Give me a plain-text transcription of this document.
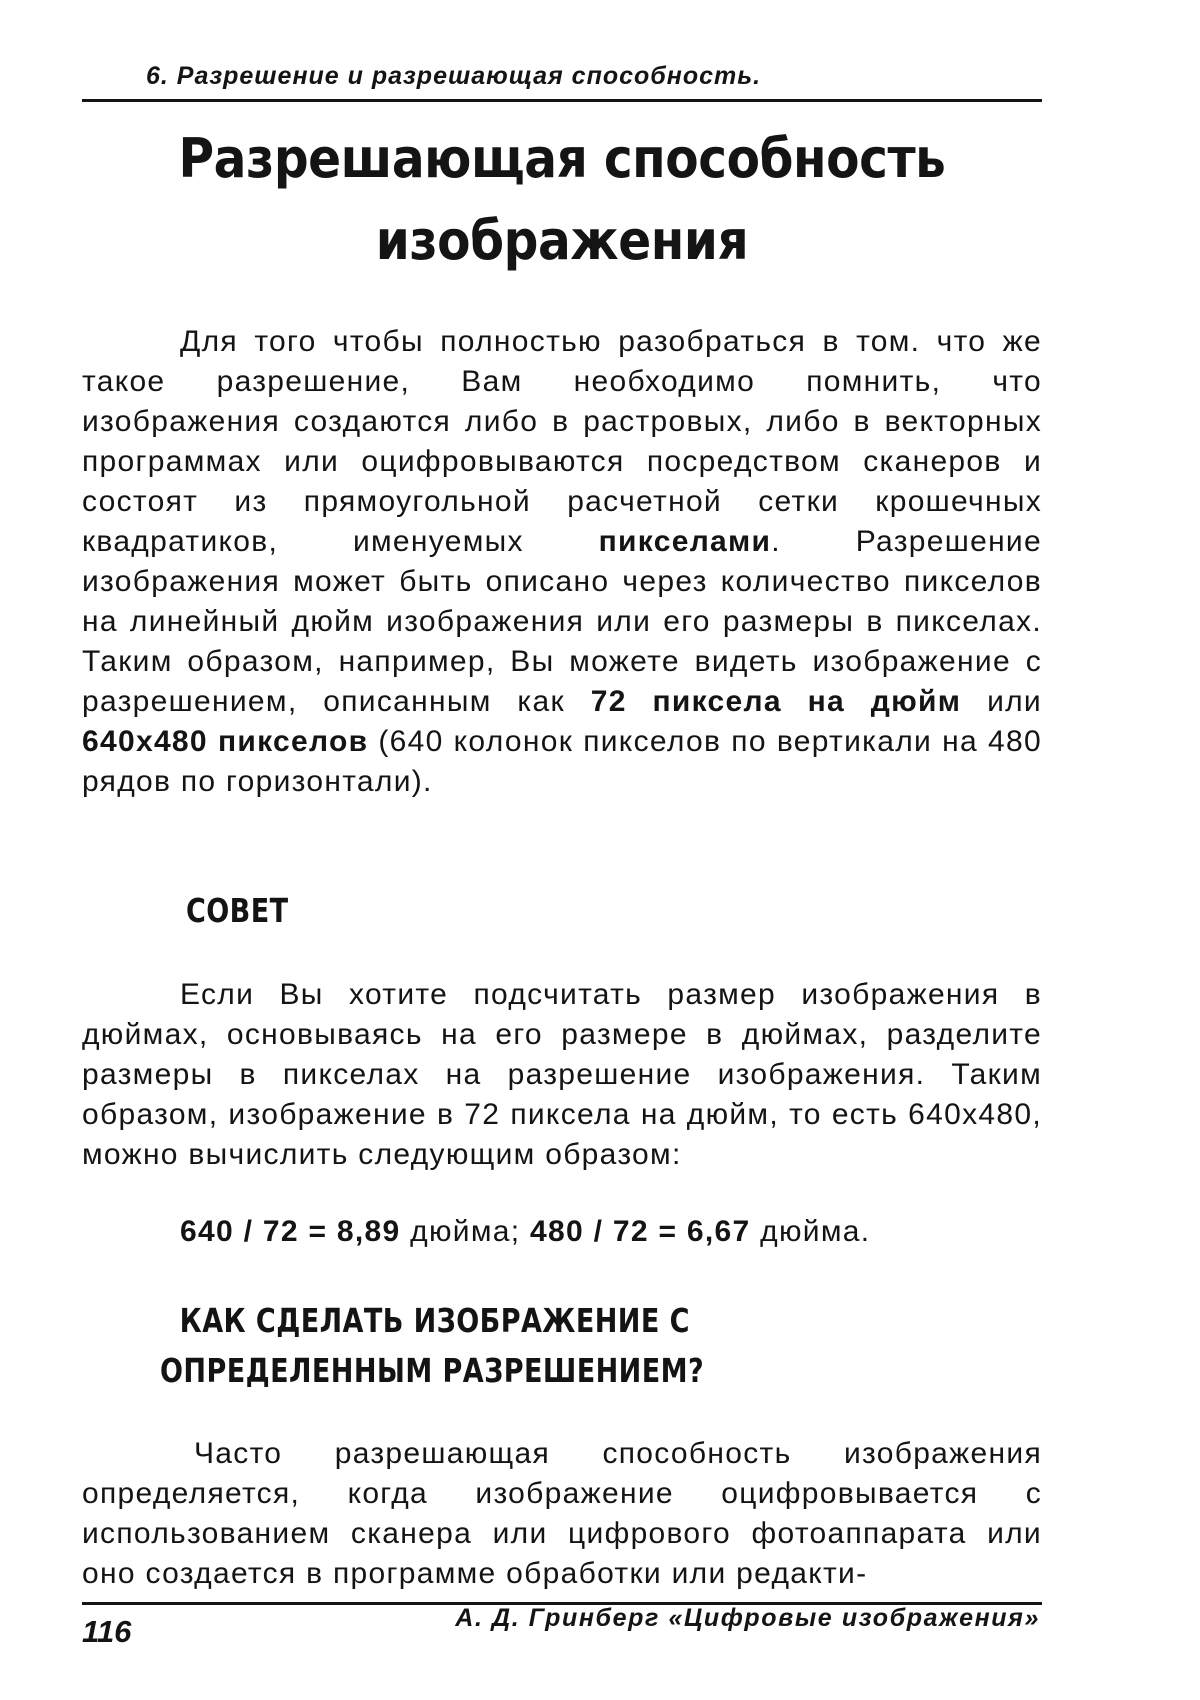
6. Разрешение и разрешающая способность.
Разрешающая способность
изображения

Для того чтобы полностью разобраться в том. что же такое разрешение, Вам необходимо помнить, что изображения создаются либо в растровых, либо в векторных программах или оцифровываются посредством сканеров и состоят из прямоугольной расчетной сетки крошечных квадратиков, именуемых пикселами. Разрешение изображения может быть описано через количество пикселов на линейный дюйм изображения или его размеры в пикселах. Таким образом, например, Вы можете видеть изображение с разрешением, описанным как 72 пиксела на дюйм или 640x480 пикселов (640 колонок пикселов по вертикали на 480 рядов по горизонтали).

СОВЕТ

Если Вы хотите подсчитать размер изображения в дюймах, основываясь на его размере в дюймах, разделите размеры в пикселах на разрешение изображения. Таким образом, изображение в 72 пиксела на дюйм, то есть 640x480, можно вычислить следующим образом:

640 / 72 = 8,89 дюйма; 480 / 72 = 6,67 дюйма.
КАК СДЕЛАТЬ ИЗОБРАЖЕНИЕ С
ОПРЕДЕЛЕННЫМ РАЗРЕШЕНИЕМ?

Часто разрешающая способность изображения определяется, когда изображение оцифровывается с использованием сканера или цифрового фотоаппарата или оно создается в программе обработки или редакти-

116	А. Д. Гринберг «Цифровые изображения»
